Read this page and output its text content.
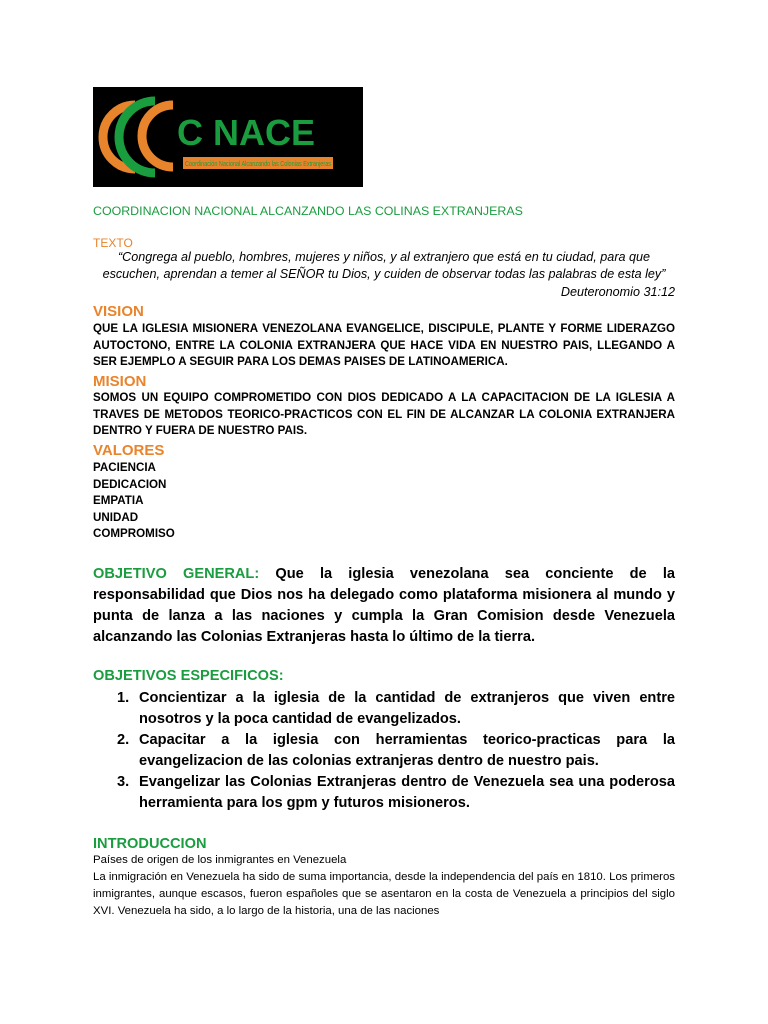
C NACE
Coordinación Nacional Alcanzando las Colonias Extranjeras
COORDINACION NACIONAL ALCANZANDO LAS COLINAS EXTRANJERAS
TEXTO
“Congrega al pueblo, hombres, mujeres y niños, y al extranjero que está en tu ciudad, para que escuchen, aprendan a temer al SEÑOR tu Dios, y cuiden de observar todas las palabras de esta ley”
Deuteronomio 31:12
VISION
QUE LA IGLESIA MISIONERA VENEZOLANA EVANGELICE, DISCIPULE, PLANTE Y FORME LIDERAZGO AUTOCTONO, ENTRE LA COLONIA EXTRANJERA QUE HACE VIDA EN NUESTRO PAIS, LLEGANDO A SER EJEMPLO A SEGUIR PARA LOS DEMAS PAISES DE LATINOAMERICA.
MISION
SOMOS UN EQUIPO COMPROMETIDO CON DIOS DEDICADO A LA CAPACITACION DE LA IGLESIA A TRAVES DE METODOS TEORICO-PRACTICOS CON EL FIN DE ALCANZAR LA COLONIA EXTRANJERA DENTRO Y FUERA DE NUESTRO PAIS.
VALORES
PACIENCIA
DEDICACION
EMPATIA
UNIDAD
COMPROMISO
OBJETIVO GENERAL: Que la iglesia venezolana sea conciente de la responsabilidad que Dios nos ha delegado como plataforma misionera al mundo y punta de lanza a las naciones y cumpla la Gran Comision desde Venezuela alcanzando las Colonias Extranjeras hasta lo último de la tierra.
OBJETIVOS ESPECIFICOS:
1. Concientizar a la iglesia de la cantidad de extranjeros que viven entre nosotros y la poca cantidad de evangelizados.
2. Capacitar a la iglesia con herramientas teorico-practicas para la evangelizacion de las colonias extranjeras dentro de nuestro pais.
3. Evangelizar las Colonias Extranjeras dentro de Venezuela sea una poderosa herramienta para los gpm y futuros misioneros.
INTRODUCCION
Países de origen de los inmigrantes en Venezuela
La inmigración en Venezuela ha sido de suma importancia, desde la independencia del país en 1810. Los primeros inmigrantes, aunque escasos, fueron españoles que se asentaron en la costa de Venezuela a principios del siglo XVI. Venezuela ha sido, a lo largo de la historia, una de las naciones
